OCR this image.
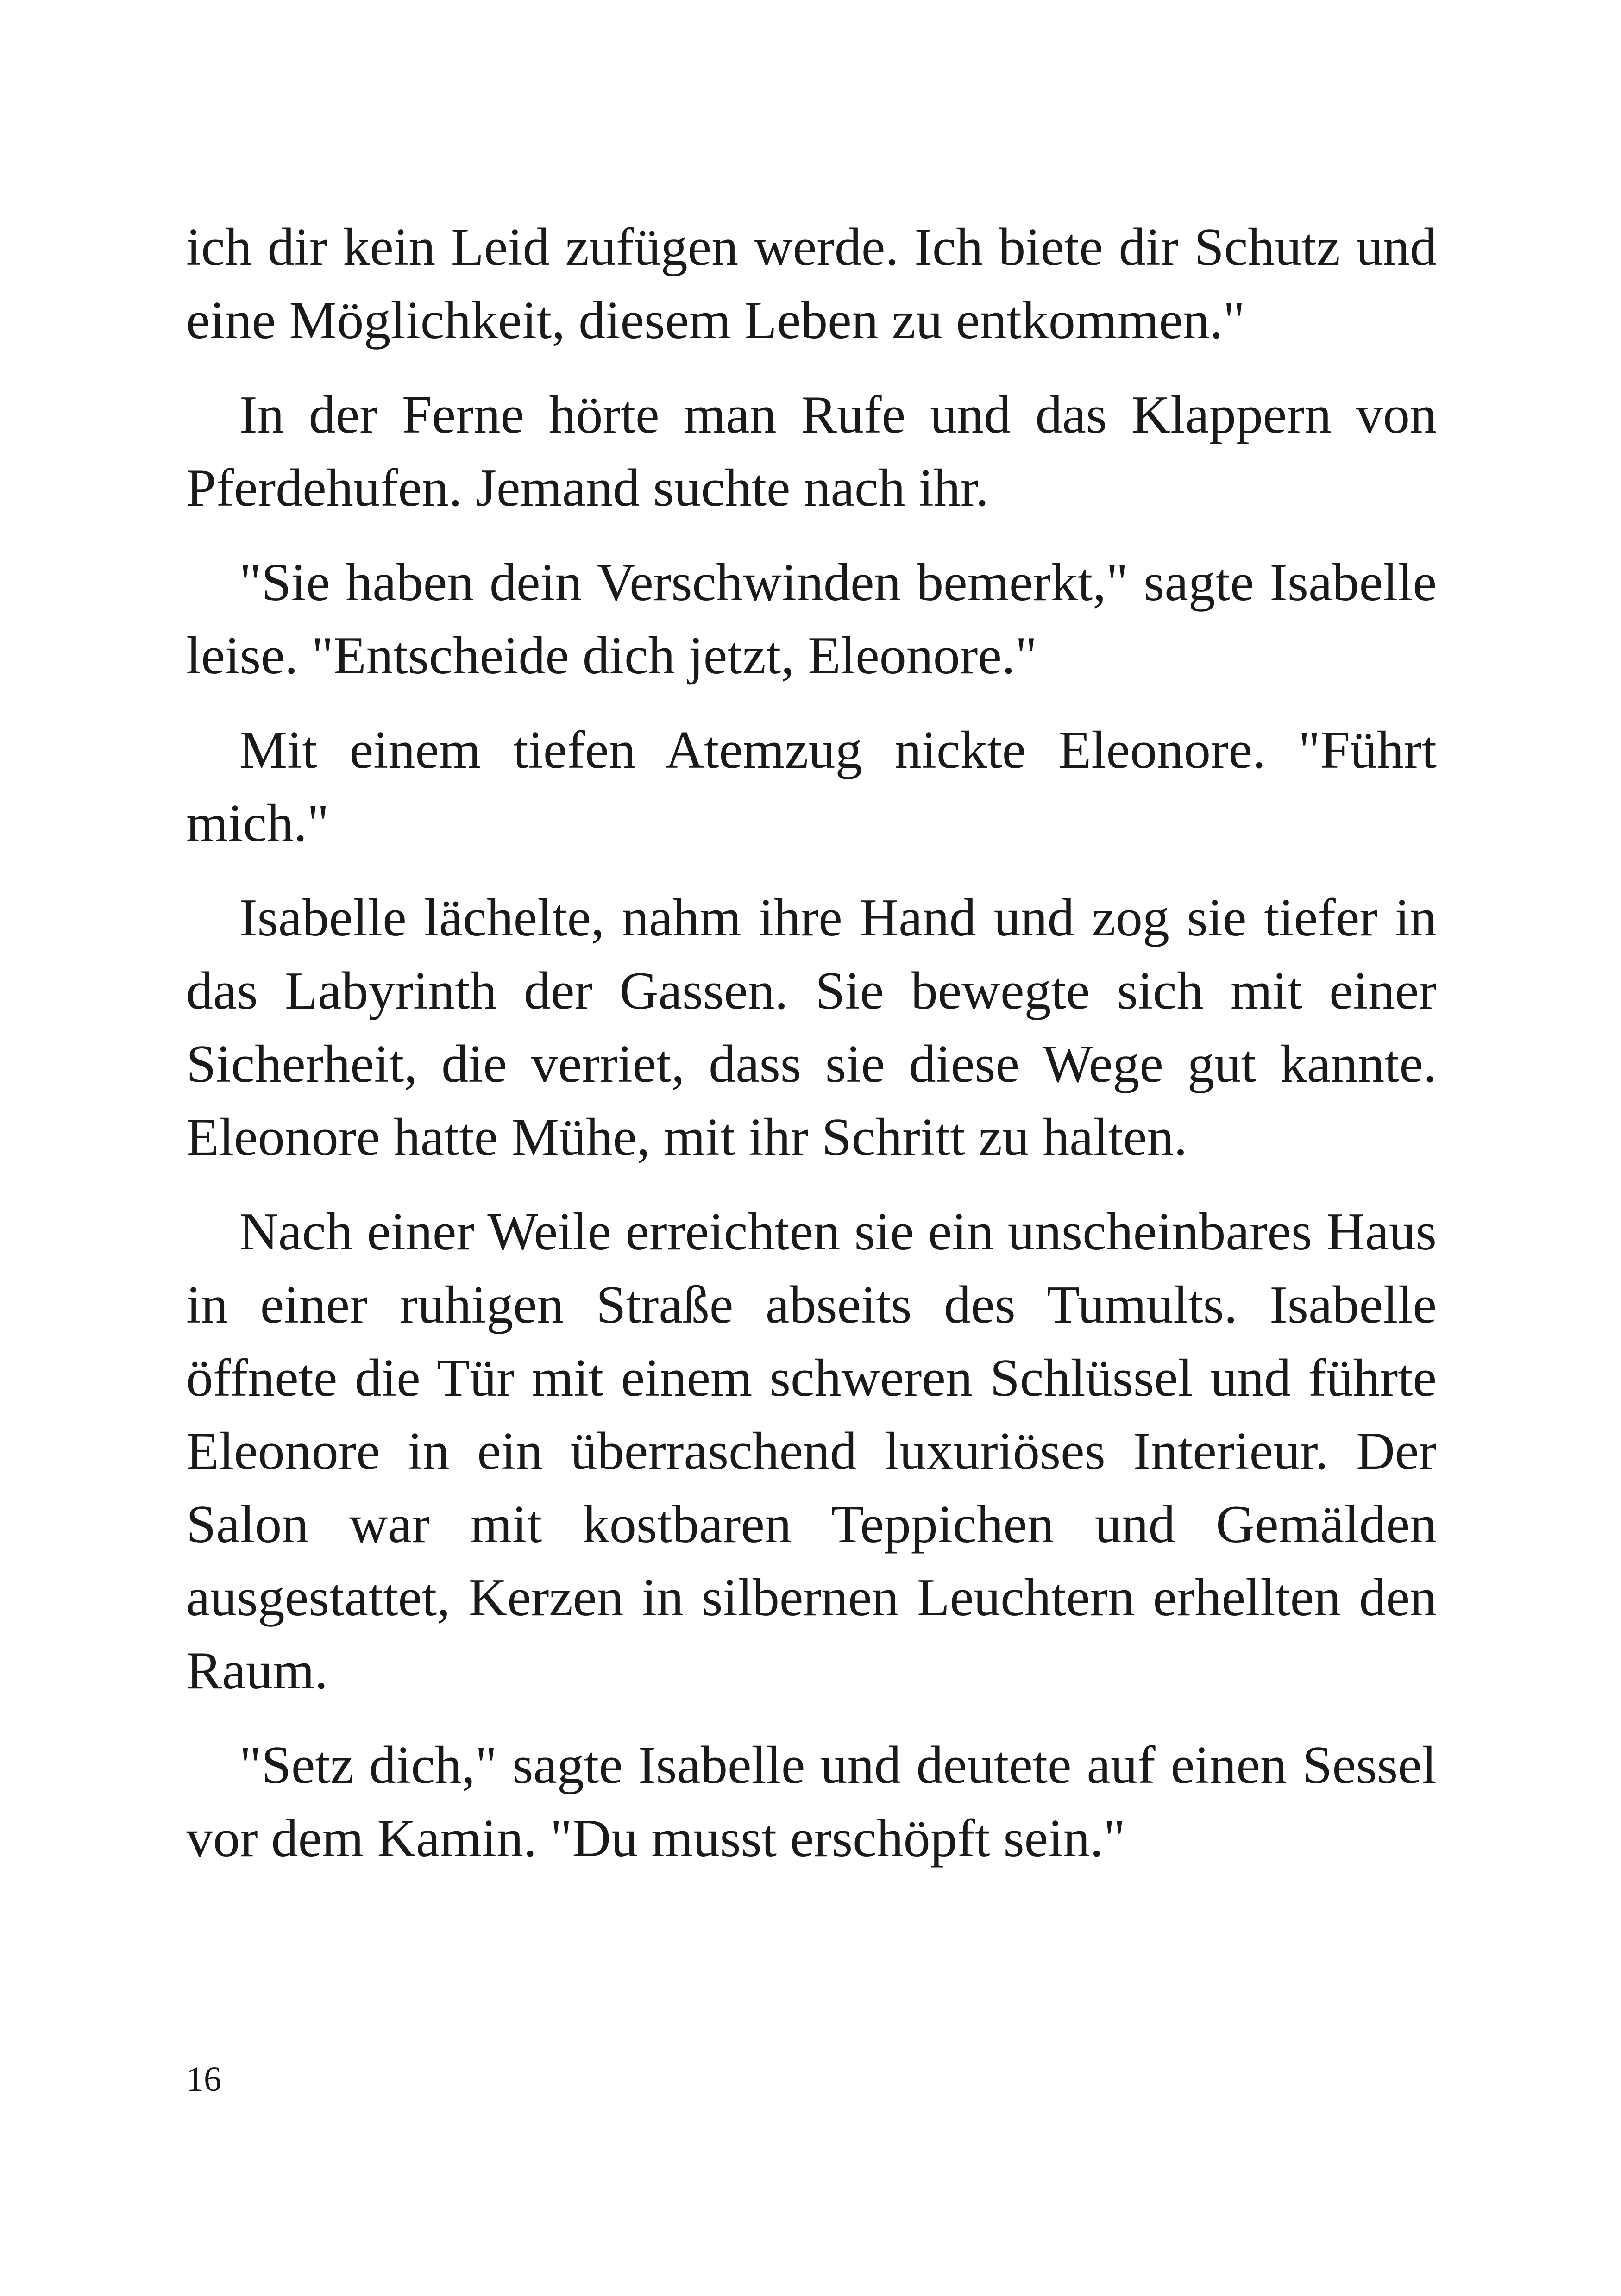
ich dir kein Leid zufügen werde. Ich biete dir Schutz und eine Möglichkeit, diesem Leben zu entkommen."

In der Ferne hörte man Rufe und das Klappern von Pferdehufen. Jemand suchte nach ihr.

"Sie haben dein Verschwinden bemerkt," sagte Isabelle leise. "Entscheide dich jetzt, Eleonore."

Mit einem tiefen Atemzug nickte Eleonore. "Führt mich."

Isabelle lächelte, nahm ihre Hand und zog sie tiefer in das Labyrinth der Gassen. Sie bewegte sich mit einer Sicherheit, die verriet, dass sie diese Wege gut kannte. Eleonore hatte Mühe, mit ihr Schritt zu halten.

Nach einer Weile erreichten sie ein unscheinbares Haus in einer ruhigen Straße abseits des Tumults. Isabelle öffnete die Tür mit einem schweren Schlüssel und führte Eleonore in ein überraschend luxuriöses Interieur. Der Salon war mit kostbaren Teppichen und Gemälden ausgestattet, Kerzen in silbernen Leuchtern erhellten den Raum.

"Setz dich," sagte Isabelle und deutete auf einen Sessel vor dem Kamin. "Du musst erschöpft sein."

16
